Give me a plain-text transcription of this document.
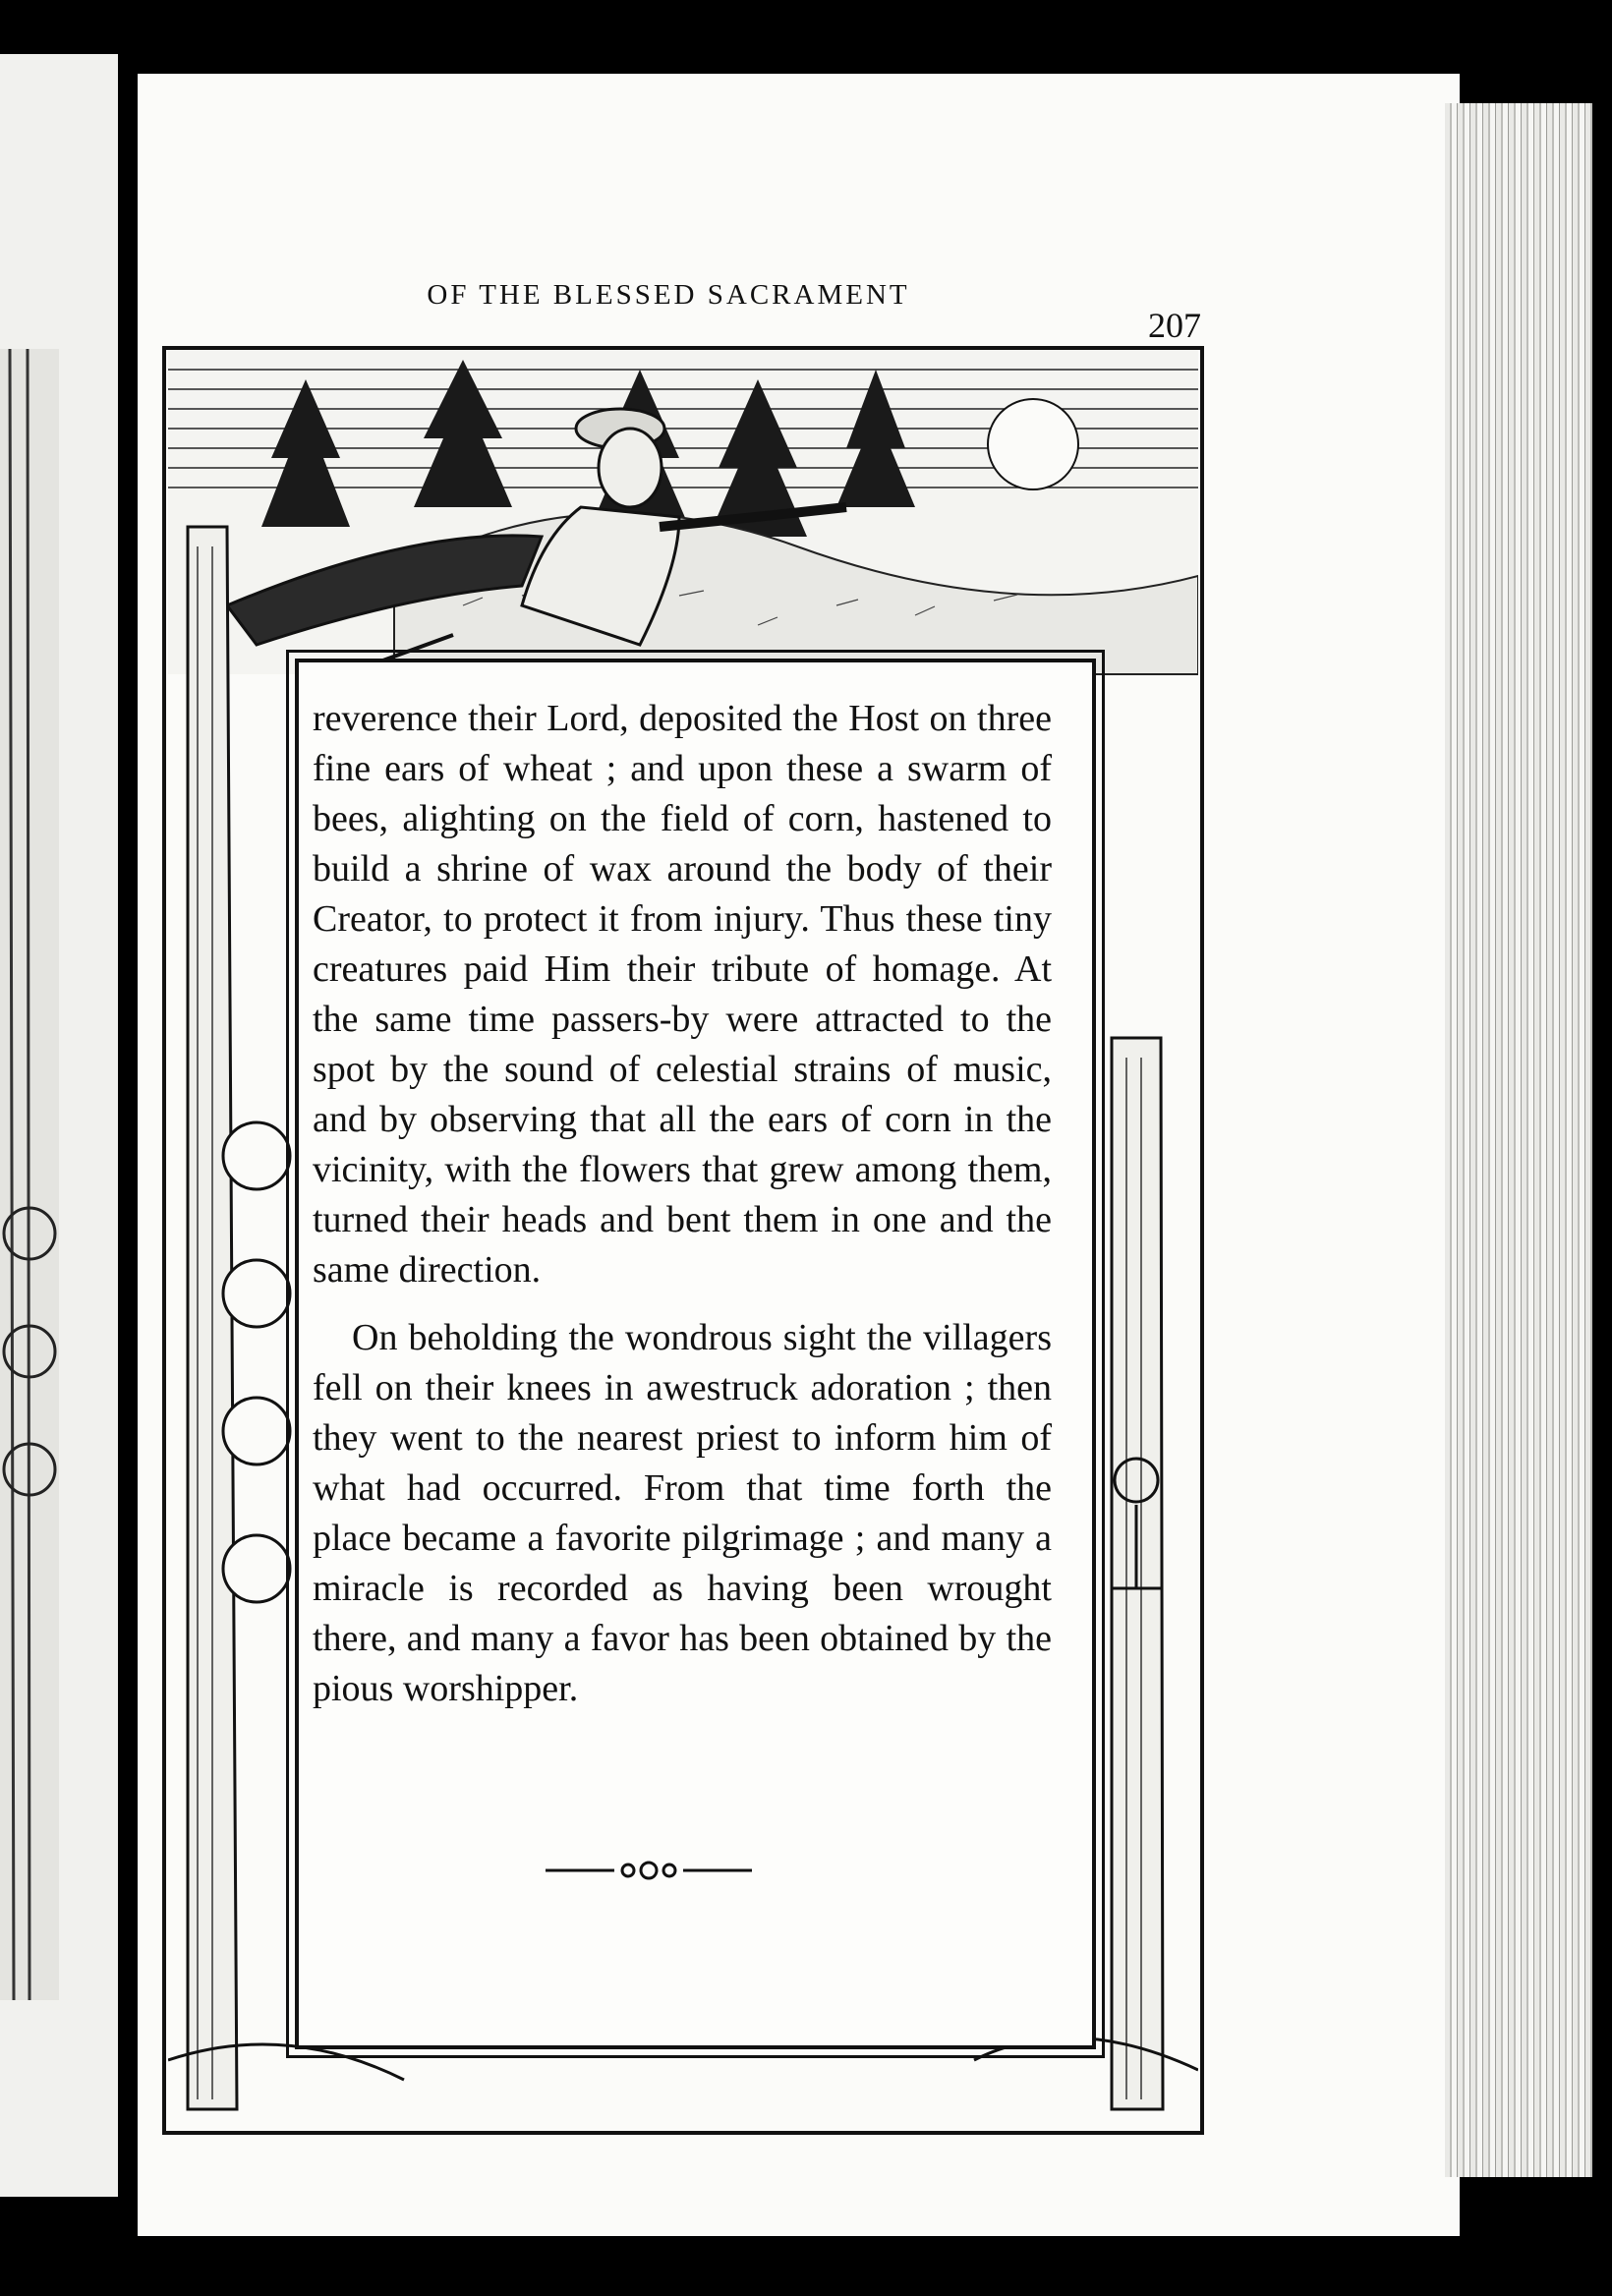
OF THE BLESSED SACRAMENT
207

reverence their Lord, deposited the Host on three fine ears of wheat ; and upon these a swarm of bees, alighting on the field of corn, hastened to build a shrine of wax around the body of their Creator, to protect it from injury. Thus these tiny creatures paid Him their tribute of homage. At the same time passers-by were attracted to the spot by the sound of celestial strains of music, and by observing that all the ears of corn in the vicinity, with the flowers that grew among them, turned their heads and bent them in one and the same direction.

On beholding the wondrous sight the villagers fell on their knees in awestruck adoration ; then they went to the nearest priest to inform him of what had occurred. From that time forth the place became a favorite pilgrimage ; and many a miracle is recorded as having been wrought there, and many a favor has been obtained by the pious worshipper.
